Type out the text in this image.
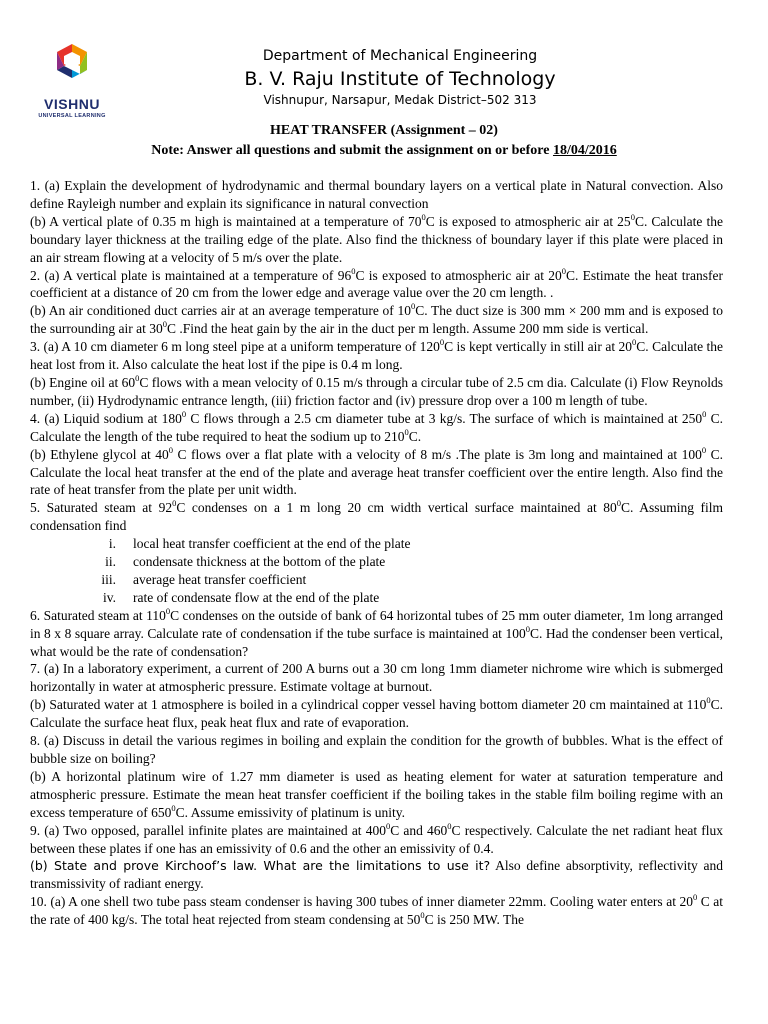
VISHNU
UNIVERSAL LEARNING
Department of Mechanical Engineering
B. V. Raju Institute of Technology
Vishnupur, Narsapur, Medak District–502 313
HEAT TRANSFER (Assignment – 02)
Note: Answer all questions and submit the assignment on or before 18/04/2016

1. (a) Explain the development of hydrodynamic and thermal boundary layers on a vertical plate in Natural convection. Also define Rayleigh number and explain its significance in natural convection

(b) A vertical plate of 0.35 m high is maintained at a temperature of $70^0C$ is exposed to atmospheric air at $25^0C$. Calculate the boundary layer thickness at the trailing edge of the plate. Also find the thickness of boundary layer if this plate were placed in an air stream flowing at a velocity of 5 m/s over the plate.

2. (a) A vertical plate is maintained at a temperature of $96^0C$ is exposed to atmospheric air at $20^0C$. Estimate the heat transfer coefficient at a distance of 20 cm from the lower edge and average value over the 20 cm length. .

(b) An air conditioned duct carries air at an average temperature of $10^0C$. The duct size is 300 mm × 200 mm and is exposed to the surrounding air at $30^0C$ .Find the heat gain by the air in the duct per m length. Assume 200 mm side is vertical.

3. (a) A 10 cm diameter 6 m long steel pipe at a uniform temperature of $120^0C$ is kept vertically in still air at $20^0C$. Calculate the heat lost from it. Also calculate the heat lost if the pipe is 0.4 m long.

(b) Engine oil at $60^0C$ flows with a mean velocity of 0.15 m/s through a circular tube of 2.5 cm dia. Calculate (i) Flow Reynolds number, (ii) Hydrodynamic entrance length, (iii) friction factor and (iv) pressure drop over a 100 m length of tube.

4. (a) Liquid sodium at $180^0$ C flows through a 2.5 cm diameter tube at 3 kg/s. The surface of which is maintained at $250^0$ C. Calculate the length of the tube required to heat the sodium up to $210^0C$.

(b) Ethylene glycol at $40^0$ C flows over a flat plate with a velocity of 8 m/s .The plate is 3m long and maintained at $100^0$ C. Calculate the local heat transfer at the end of the plate and average heat transfer coefficient over the entire length. Also find the rate of heat transfer from the plate per unit width.

5. Saturated steam at $92^0C$ condenses on a 1 m long 20 cm width vertical surface maintained at $80^0C$. Assuming film condensation find

i. local heat transfer coefficient at the end of the plate
ii. condensate thickness at the bottom of the plate
iii. average heat transfer coefficient
iv. rate of condensate flow at the end of the plate

6. Saturated steam at $110^0C$ condenses on the outside of bank of 64 horizontal tubes of 25 mm outer diameter, 1m long arranged in 8 x 8 square array. Calculate rate of condensation if the tube surface is maintained at $100^0C$. Had the condenser been vertical, what would be the rate of condensation?

7. (a) In a laboratory experiment, a current of 200 A burns out a 30 cm long 1mm diameter nichrome wire which is submerged horizontally in water at atmospheric pressure. Estimate voltage at burnout.

(b) Saturated water at 1 atmosphere is boiled in a cylindrical copper vessel having bottom diameter 20 cm maintained at $110^0C$. Calculate the surface heat flux, peak heat flux and rate of evaporation.

8. (a) Discuss in detail the various regimes in boiling and explain the condition for the growth of bubbles. What is the effect of bubble size on boiling?

(b) A horizontal platinum wire of 1.27 mm diameter is used as heating element for water at saturation temperature and atmospheric pressure. Estimate the mean heat transfer coefficient if the boiling takes in the stable film boiling regime with an excess temperature of $650^0C$. Assume emissivity of platinum is unity.

9. (a) Two opposed, parallel infinite plates are maintained at $400^0C$ and $460^0C$ respectively. Calculate the net radiant heat flux between these plates if one has an emissivity of 0.6 and the other an emissivity of 0.4.

(b) State and prove Kirchoof’s law. What are the limitations to use it? Also define absorptivity, reflectivity and transmissivity of radiant energy.

10. (a) A one shell two tube pass steam condenser is having 300 tubes of inner diameter 22mm. Cooling water enters at $20^0$ C at the rate of 400 kg/s. The total heat rejected from steam condensing at $50^0C$ is 250 MW. The
